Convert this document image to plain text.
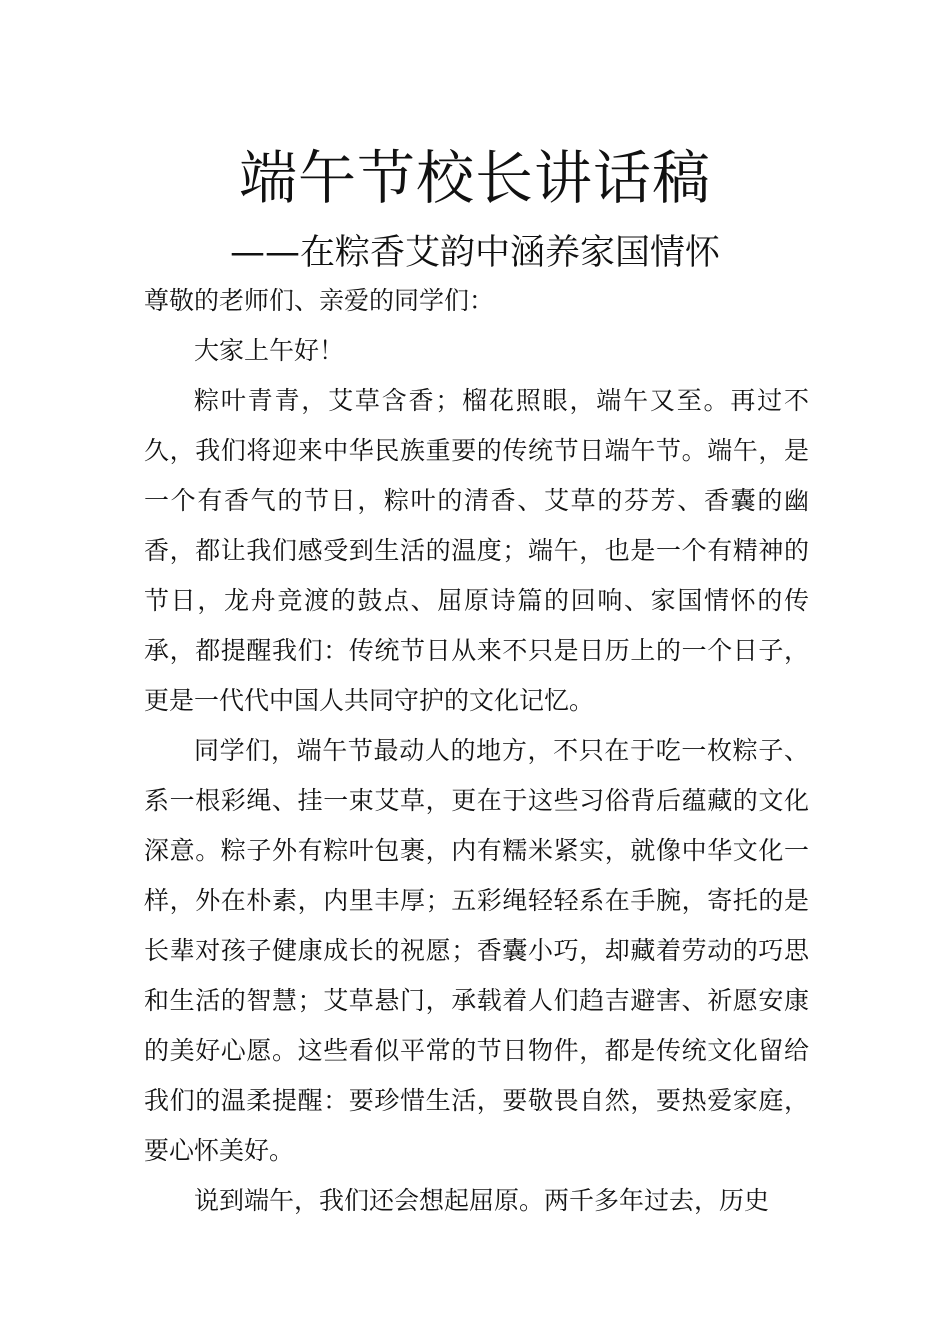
端午节校长讲话稿
——在粽香艾韵中涵养家国情怀

尊敬的老师们、亲爱的同学们：

大家上午好！

粽叶青青，艾草含香；榴花照眼，端午又至。再过不久，我们将迎来中华民族重要的传统节日端午节。端午，是一个有香气的节日，粽叶的清香、艾草的芬芳、香囊的幽香，都让我们感受到生活的温度；端午，也是一个有精神的节日，龙舟竞渡的鼓点、屈原诗篇的回响、家国情怀的传承，都提醒我们：传统节日从来不只是日历上的一个日子，更是一代代中国人共同守护的文化记忆。

同学们，端午节最动人的地方，不只在于吃一枚粽子、系一根彩绳、挂一束艾草，更在于这些习俗背后蕴藏的文化深意。粽子外有粽叶包裹，内有糯米紧实，就像中华文化一样，外在朴素，内里丰厚；五彩绳轻轻系在手腕，寄托的是长辈对孩子健康成长的祝愿；香囊小巧，却藏着劳动的巧思和生活的智慧；艾草悬门，承载着人们趋吉避害、祈愿安康的美好心愿。这些看似平常的节日物件，都是传统文化留给我们的温柔提醒：要珍惜生活，要敬畏自然，要热爱家庭，要心怀美好。

说到端午，我们还会想起屈原。两千多年过去，历史
